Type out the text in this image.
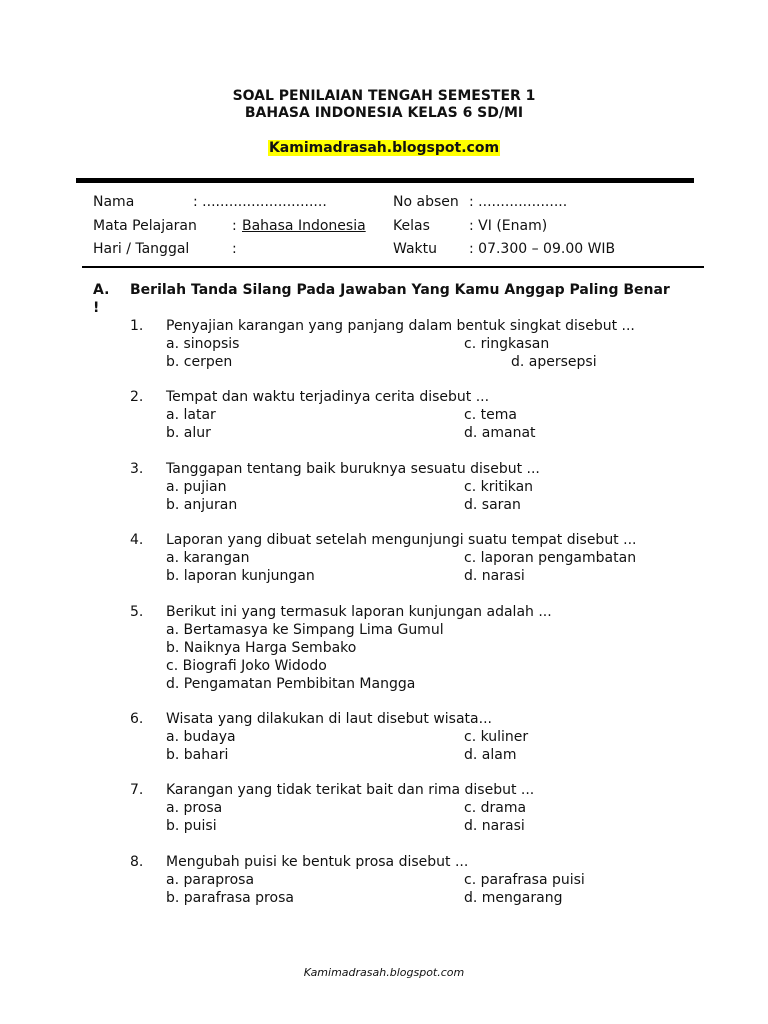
SOAL PENILAIAN TENGAH SEMESTER 1
BAHASA INDONESIA KELAS 6 SD/MI
Kamimadrasah.blogspot.com
Nama	: ............................	No absen : ....................
Mata Pelajaran	: Bahasa Indonesia Kelas	: VI (Enam)
Hari / Tanggal	:	Waktu : 07.300 – 09.00 WIB
A. Berilah Tanda Silang Pada Jawaban Yang Kamu Anggap Paling Benar !
1. Penyajian karangan yang panjang dalam bentuk singkat disebut ...
a. sinopsis	c. ringkasan
b. cerpen	d. apersepsi
2. Tempat dan waktu terjadinya cerita disebut ...
a. latar	c. tema
b. alur	d. amanat
3. Tanggapan tentang baik buruknya sesuatu disebut ...
a. pujian	c. kritikan
b. anjuran	d. saran
4. Laporan yang dibuat setelah mengunjungi suatu tempat disebut ...
a. karangan	c. laporan pengambatan
b. laporan kunjungan	d. narasi
5. Berikut ini yang termasuk laporan kunjungan adalah ...
a. Bertamasya ke Simpang Lima Gumul
b. Naiknya Harga Sembako
c. Biografi Joko Widodo
d. Pengamatan Pembibitan Mangga
6. Wisata yang dilakukan di laut disebut wisata...
a. budaya	c. kuliner
b. bahari	d. alam
7. Karangan yang tidak terikat bait dan rima disebut ...
a. prosa	c. drama
b. puisi	d. narasi
8. Mengubah puisi ke bentuk prosa disebut ...
a. paraprosa	c. parafrasa puisi
b. parafrasa prosa	d. mengarang
Kamimadrasah.blogspot.com
